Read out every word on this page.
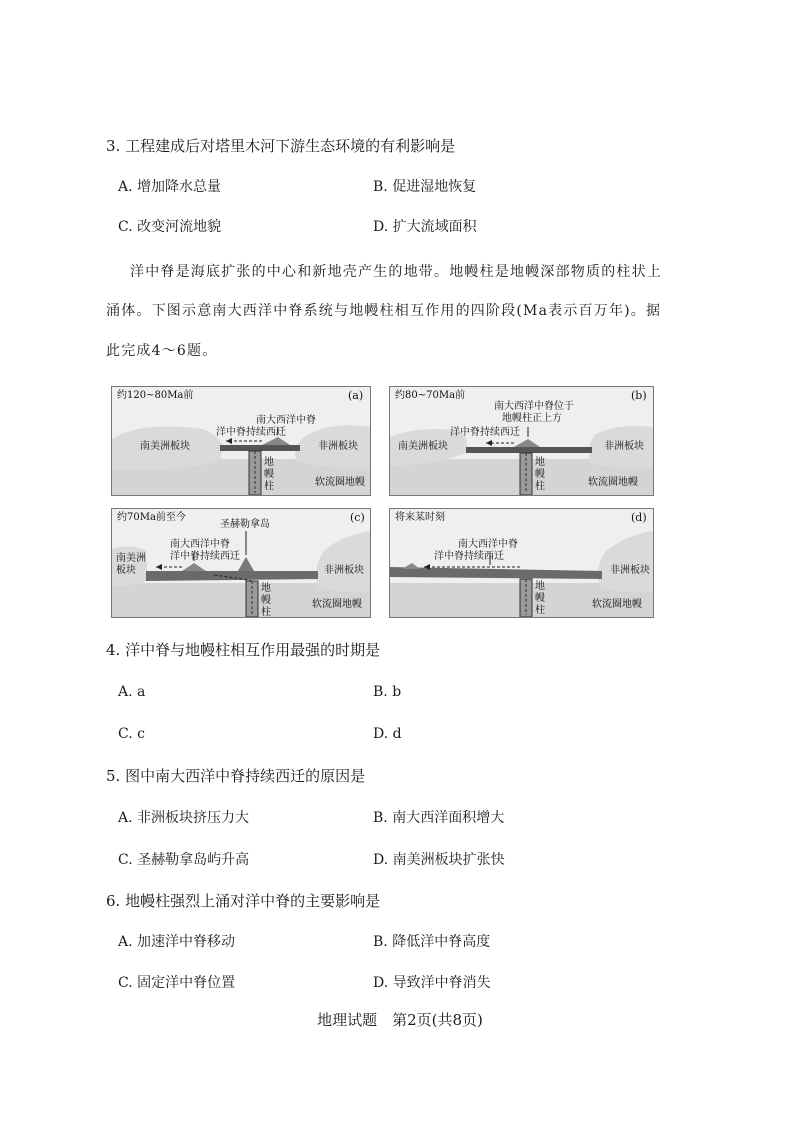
3. 工程建成后对塔里木河下游生态环境的有利影响是
A. 增加降水总量	B. 促进湿地恢复
C. 改变河流地貌	D. 扩大流域面积
洋中脊是海底扩张的中心和新地壳产生的地带。地幔柱是地幔深部物质的柱状上
涌体。下图示意南大西洋中脊系统与地幔柱相互作用的四阶段(Ma表示百万年)。据
此完成4～6题。
约120~80Ma前	(a)
南大西洋中脊
洋中脊持续西迁
南美洲板块	非洲板块
地幔柱	软流圈地幔
约80~70Ma前	(b)
南大西洋中脊位于
地幔柱正上方
洋中脊持续西迁
南美洲板块	非洲板块
地幔柱	软流圈地幔
约70Ma前至今	(c)
圣赫勒拿岛
南大西洋中脊
洋中脊持续西迁
南美洲
板块	非洲板块
地幔柱
软流圈地幔
将来某时刻	(d)
南大西洋中脊
洋中脊持续西迁
非洲板块
地幔柱
软流圈地幔
4. 洋中脊与地幔柱相互作用最强的时期是
A. a	B. b
C. c	D. d
5. 图中南大西洋中脊持续西迁的原因是
A. 非洲板块挤压力大	B. 南大西洋面积增大
C. 圣赫勒拿岛屿升高	D. 南美洲板块扩张快
6. 地幔柱强烈上涌对洋中脊的主要影响是
A. 加速洋中脊移动	B. 降低洋中脊高度
C. 固定洋中脊位置	D. 导致洋中脊消失
地理试题　第2页(共8页)
